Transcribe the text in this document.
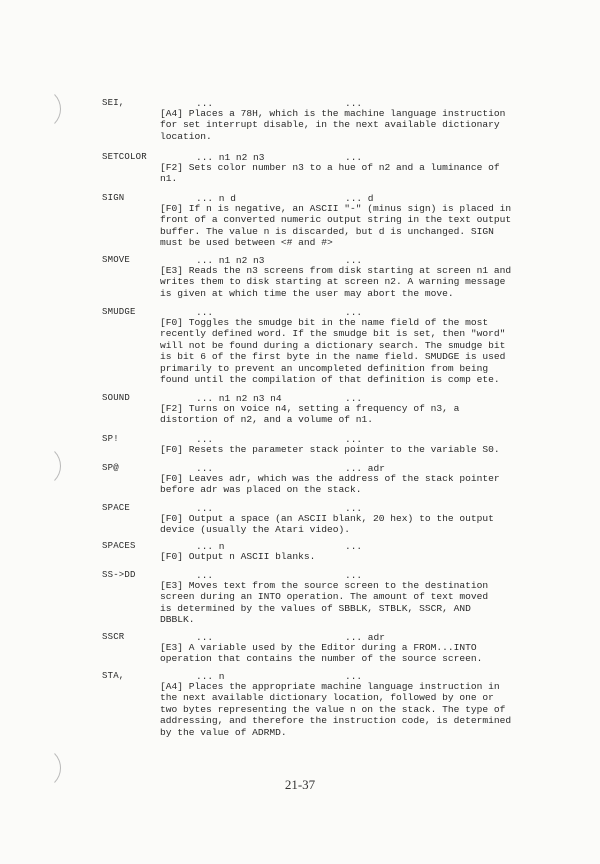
SEI,	...	...
[A4] Places a 78H, which is the machine language instruction
for set interrupt disable, in the next available dictionary
location.
SETCOLOR	... n1 n2 n3	...
[F2] Sets color number n3 to a hue of n2 and a luminance of
n1.
SIGN	... n d	... d
[F0] If n is negative, an ASCII "-" (minus sign) is placed in
front of a converted numeric output string in the text output
buffer. The value n is discarded, but d is unchanged. SIGN
must be used between <# and #>
SMOVE	... n1 n2 n3	...
[E3] Reads the n3 screens from disk starting at screen n1 and
writes them to disk starting at screen n2. A warning message
is given at which time the user may abort the move.
SMUDGE	...	...
[F0] Toggles the smudge bit in the name field of the most
recently defined word. If the smudge bit is set, then "word"
will not be found during a dictionary search. The smudge bit
is bit 6 of the first byte in the name field. SMUDGE is used
primarily to prevent an uncompleted definition from being
found until the compilation of that definition is comp ete.
SOUND	... n1 n2 n3 n4	...
[F2] Turns on voice n4, setting a frequency of n3, a
distortion of n2, and a volume of n1.
SP!	...	...
[F0] Resets the parameter stack pointer to the variable S0.
SP@	...	... adr
[F0] Leaves adr, which was the address of the stack pointer
before adr was placed on the stack.
SPACE	...	...
[F0] Output a space (an ASCII blank, 20 hex) to the output
device (usually the Atari video).
SPACES	... n	...
[F0] Output n ASCII blanks.
SS->DD	...	...
[E3] Moves text from the source screen to the destination
screen during an INTO operation. The amount of text moved
is determined by the values of SBBLK, STBLK, SSCR, AND
DBBLK.
SSCR	...	... adr
[E3] A variable used by the Editor during a FROM...INTO
operation that contains the number of the source screen.
STA,	... n	...
[A4] Places the appropriate machine language instruction in
the next available dictionary location, followed by one or
two bytes representing the value n on the stack. The type of
addressing, and therefore the instruction code, is determined
by the value of ADRMD.
21-37
